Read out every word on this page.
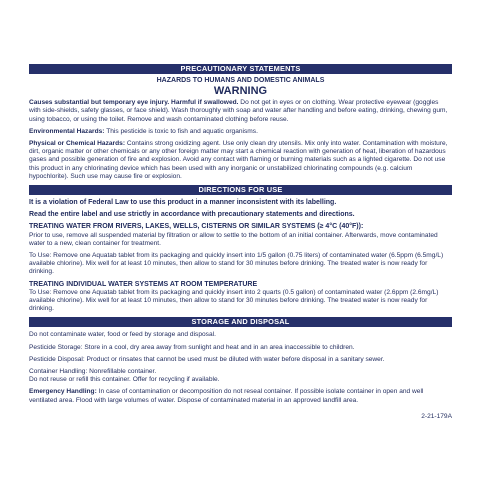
PRECAUTIONARY STATEMENTS
HAZARDS TO HUMANS AND DOMESTIC ANIMALS
WARNING

Causes substantial but temporary eye injury. Harmful if swallowed. Do not get in eyes or on clothing. Wear protective eyewear (goggles with side-shields, safety glasses, or face shield). Wash thoroughly with soap and water after handling and before eating, drinking, chewing gum, using tobacco, or using the toilet. Remove and wash contaminated clothing before reuse.

Environmental Hazards: This pesticide is toxic to fish and aquatic organisms.

Physical or Chemical Hazards: Contains strong oxidizing agent. Use only clean dry utensils. Mix only into water. Contamination with moisture, dirt, organic matter or other chemicals or any other foreign matter may start a chemical reaction with generation of heat, liberation of hazardous gases and possible generation of fire and explosion. Avoid any contact with flaming or burning materials such as a lighted cigarette. Do not use this product in any chlorinating device which has been used with any inorganic or unstabilized chlorinating compounds (e.g. calcium hypochlorite). Such use may cause fire or explosion.

DIRECTIONS FOR USE

It is a violation of Federal Law to use this product in a manner inconsistent with its labelling.

Read the entire label and use strictly in accordance with precautionary statements and directions.

TREATING WATER FROM RIVERS, LAKES, WELLS, CISTERNS OR SIMILAR SYSTEMS (≥ 4°C (40°F)):

Prior to use, remove all suspended material by filtration or allow to settle to the bottom of an initial container. Afterwards, move contaminated water to a new, clean container for treatment.

To Use: Remove one Aquatab tablet from its packaging and quickly insert into 1/5 gallon (0.75 liters) of contaminated water (6.5ppm (6.5mg/L) available chlorine). Mix well for at least 10 minutes, then allow to stand for 30 minutes before drinking. The treated water is now ready for drinking.

TREATING INDIVIDUAL WATER SYSTEMS AT ROOM TEMPERATURE

To Use: Remove one Aquatab tablet from its packaging and quickly insert into 2 quarts (0.5 gallon) of contaminated water (2.6ppm (2.6mg/L) available chlorine). Mix well for at least 10 minutes, then allow to stand for 30 minutes before drinking. The treated water is now ready for drinking.

STORAGE AND DISPOSAL

Do not contaminate water, food or feed by storage and disposal.

Pesticide Storage: Store in a cool, dry area away from sunlight and heat and in an area inaccessible to children.

Pesticide Disposal: Product or rinsates that cannot be used must be diluted with water before disposal in a sanitary sewer.

Container Handling: Nonrefillable container.

Do not reuse or refill this container. Offer for recycling if available.

Emergency Handling: In case of contamination or decomposition do not reseal container. If possible isolate container in open and well ventilated area. Flood with large volumes of water. Dispose of contaminated material in an approved landfill area.

2-21-179A
